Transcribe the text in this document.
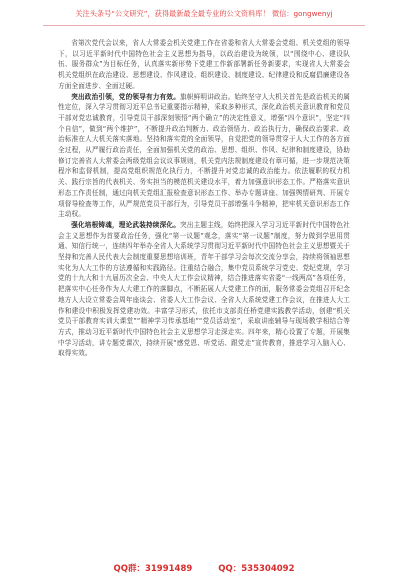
关注头条号“公文研究”，获得最新最全最专业的公文资料库！ 微信：gongwenyj

省第次党代会以来，省人大常委会机关党建工作在省委和省人大常委会党组、机关党组的领导下，以习近平新时代中国特色社会主义思想为指导，以政治建设为统领，以“围绕中心、建设队伍、服务群众”为目标任务，认真落实新形势下党建工作新部署新任务新要求，实现省人大常委会机关党组织在政治建设、思想建设、作风建设、组织建设、制度建设、纪律建设和反腐倡廉建设各方面全面进步、全面过硬。

突出政治引领，党的领导有力有效。旗帜鲜明讲政治。始终坚守人大机关首先是政治机关的属性定位，深入学习贯彻习近平总书记重要指示精神，采取多种形式，深化政治机关意识教育和党员干部对党忠诚教育，引导党员干部深刻领悟“两个确立”的决定性意义，增强“四个意识”，坚定“四个自信”，做到“两个维护”，不断提升政治判断力、政治领悟力、政治执行力，确保政治要求、政治标准在人大机关落实落地。坚持和落实党的全面领导，自觉把党的领导贯穿于人大工作的各方面全过程，从严履行政治责任，全面加强机关党的政治、思想、组织、作风、纪律和制度建设，协助修订完善省人大常委会两级党组会议议事规则，机关党内法规制度建设有章可循，进一步规范决策程序和监督机制，提高党组织规范化执行力，不断提升对党忠诚的政治能力。依法履职的权力机关、践行宗旨的代表机关、务实担当的模范机关建设水平，着力加强意识形态工作。严格落实意识形态工作责任制，通过向机关党组汇报检查意识形态工作、举办专题讲座、加强舆情研判、开展专项督导检查等工作，从严规范党员干部行为，引导党员干部增强斗争精神，把牢机关意识形态工作主动权。

强化培根铸魂，理论武装持续深化。突出主题主线，始终把深入学习习近平新时代中国特色社会主义思想作为首要政治任务，强化“第一议题”观念，落实“第一议题”制度，努力做到学思用贯通、知信行统一，连续四年举办全省人大系统学习贯彻习近平新时代中国特色社会主义思想暨关于坚持和完善人民代表大会制度重要思想培训班，青年干部学习会每次交流分享会，持续将领袖思想实化为人大工作的方法遵循和实践路径。注重结合融合，集中党员系统学习党史、党纪党规，学习党的十九大和十九届历次全会、中央人大工作会议精神，结合推进落实省委“一线两高”各项任务，把落实中心任务作为人大建工作的落脚点，不断拓展人大党建工作的面，服务常委会党组召开纪念地方人大设立常委会周年座谈会、省委人大工作会议、全省人大系统党建工作会议，在推进人大工作和建设中积极发挥党建功效。丰富学习形式，依托市支部责任桥党建实践教学活动，创建“机关党员干部教育实训大课堂”“精神学习传承基地”“党员活动室”，采取讲座辅导与现场教学相结合等方式，推动习近平新时代中国特色社会主义思想学习走深走实。四年来，精心设置了专题，开展集中学习活动，讲专题党课次，持续开展“感党恩、听党话、跟党走”宣传教育，推进学习入脑入心、取得实效。

QQ群：31991489	QQ：535304092
